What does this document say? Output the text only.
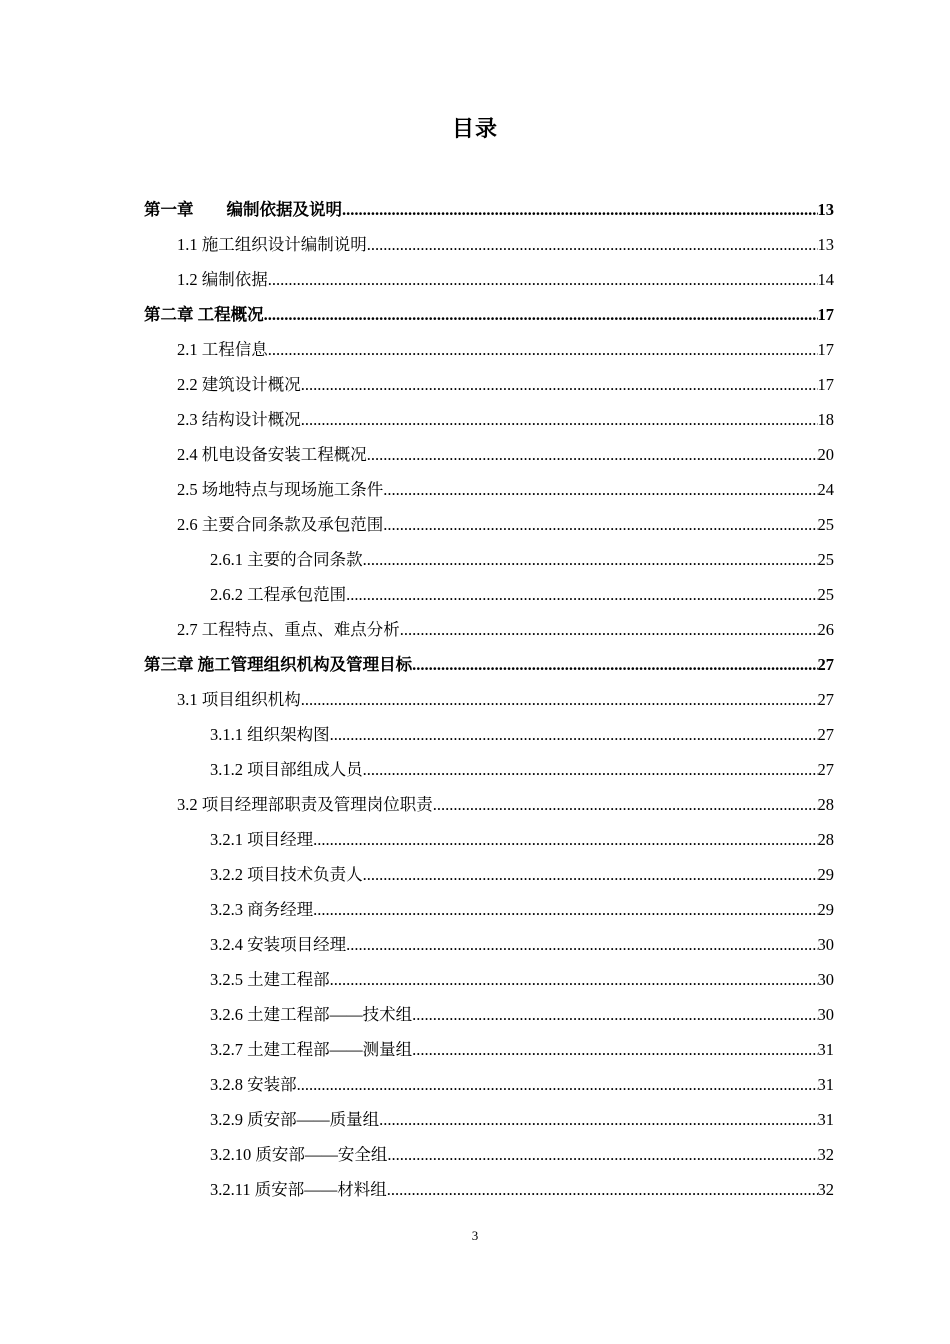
目录
第一章　　编制依据及说明 .....	13
1.1 施工组织设计编制说明 .....	13
1.2 编制依据 .....	14
第二章 工程概况 .....	17
2.1 工程信息 .....	17
2.2 建筑设计概况 .....	17
2.3 结构设计概况 .....	18
2.4 机电设备安装工程概况 .....	20
2.5 场地特点与现场施工条件 .....	24
2.6 主要合同条款及承包范围 .....	25
2.6.1 主要的合同条款 .....	25
2.6.2 工程承包范围 .....	25
2.7 工程特点、重点、难点分析 .....	26
第三章 施工管理组织机构及管理目标 .....	27
3.1 项目组织机构 .....	27
3.1.1 组织架构图 .....	27
3.1.2 项目部组成人员 .....	27
3.2 项目经理部职责及管理岗位职责 .....	28
3.2.1 项目经理 .....	28
3.2.2 项目技术负责人 .....	29
3.2.3 商务经理 .....	29
3.2.4 安装项目经理 .....	30
3.2.5 土建工程部 .....	30
3.2.6 土建工程部——技术组 .....	30
3.2.7 土建工程部——测量组 .....	31
3.2.8 安装部 .....	31
3.2.9 质安部——质量组 .....	31
3.2.10 质安部——安全组 .....	32
3.2.11 质安部——材料组 .....	32
3
